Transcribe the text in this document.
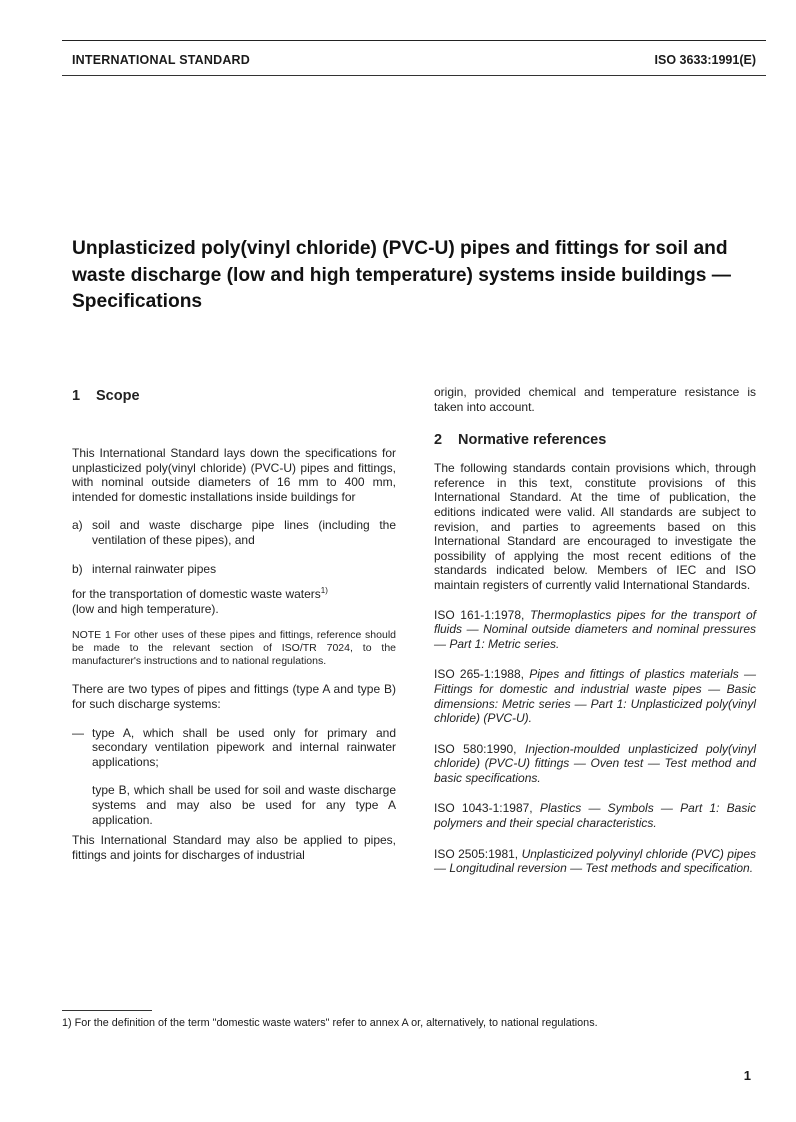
INTERNATIONAL STANDARD	ISO 3633:1991(E)
Unplasticized poly(vinyl chloride) (PVC-U) pipes and fittings for soil and waste discharge (low and high temperature) systems inside buildings — Specifications
1 Scope

This International Standard lays down the specifications for unplasticized poly(vinyl chloride) (PVC-U) pipes and fittings, with nominal outside diameters of 16 mm to 400 mm, intended for domestic installations inside buildings for

a) soil and waste discharge pipe lines (including the ventilation of these pipes), and
b) internal rainwater pipes

for the transportation of domestic waste waters$^{1)}$
(low and high temperature).

NOTE 1 For other uses of these pipes and fittings, reference should be made to the relevant section of ISO/TR 7024, to the manufacturer's instructions and to national regulations.

There are two types of pipes and fittings (type A and type B) for such discharge systems:

— type A, which shall be used only for primary and secondary ventilation pipework and internal rainwater applications;
type B, which shall be used for soil and waste discharge systems and may also be used for any type A application.

This International Standard may also be applied to pipes, fittings and joints for discharges of industrial

origin, provided chemical and temperature resistance is taken into account.

2 Normative references

The following standards contain provisions which, through reference in this text, constitute provisions of this International Standard. At the time of publication, the editions indicated were valid. All standards are subject to revision, and parties to agreements based on this International Standard are encouraged to investigate the possibility of applying the most recent editions of the standards indicated below. Members of IEC and ISO maintain registers of currently valid International Standards.

ISO 161-1:1978, Thermoplastics pipes for the transport of fluids — Nominal outside diameters and nominal pressures — Part 1: Metric series.

ISO 265-1:1988, Pipes and fittings of plastics materials — Fittings for domestic and industrial waste pipes — Basic dimensions: Metric series — Part 1: Unplasticized poly(vinyl chloride) (PVC-U).

ISO 580:1990, Injection-moulded unplasticized poly(vinyl chloride) (PVC-U) fittings — Oven test — Test method and basic specifications.

ISO 1043-1:1987, Plastics — Symbols — Part 1: Basic polymers and their special characteristics.

ISO 2505:1981, Unplasticized polyvinyl chloride (PVC) pipes — Longitudinal reversion — Test methods and specification.

1) For the definition of the term "domestic waste waters" refer to annex A or, alternatively, to national regulations.

1
